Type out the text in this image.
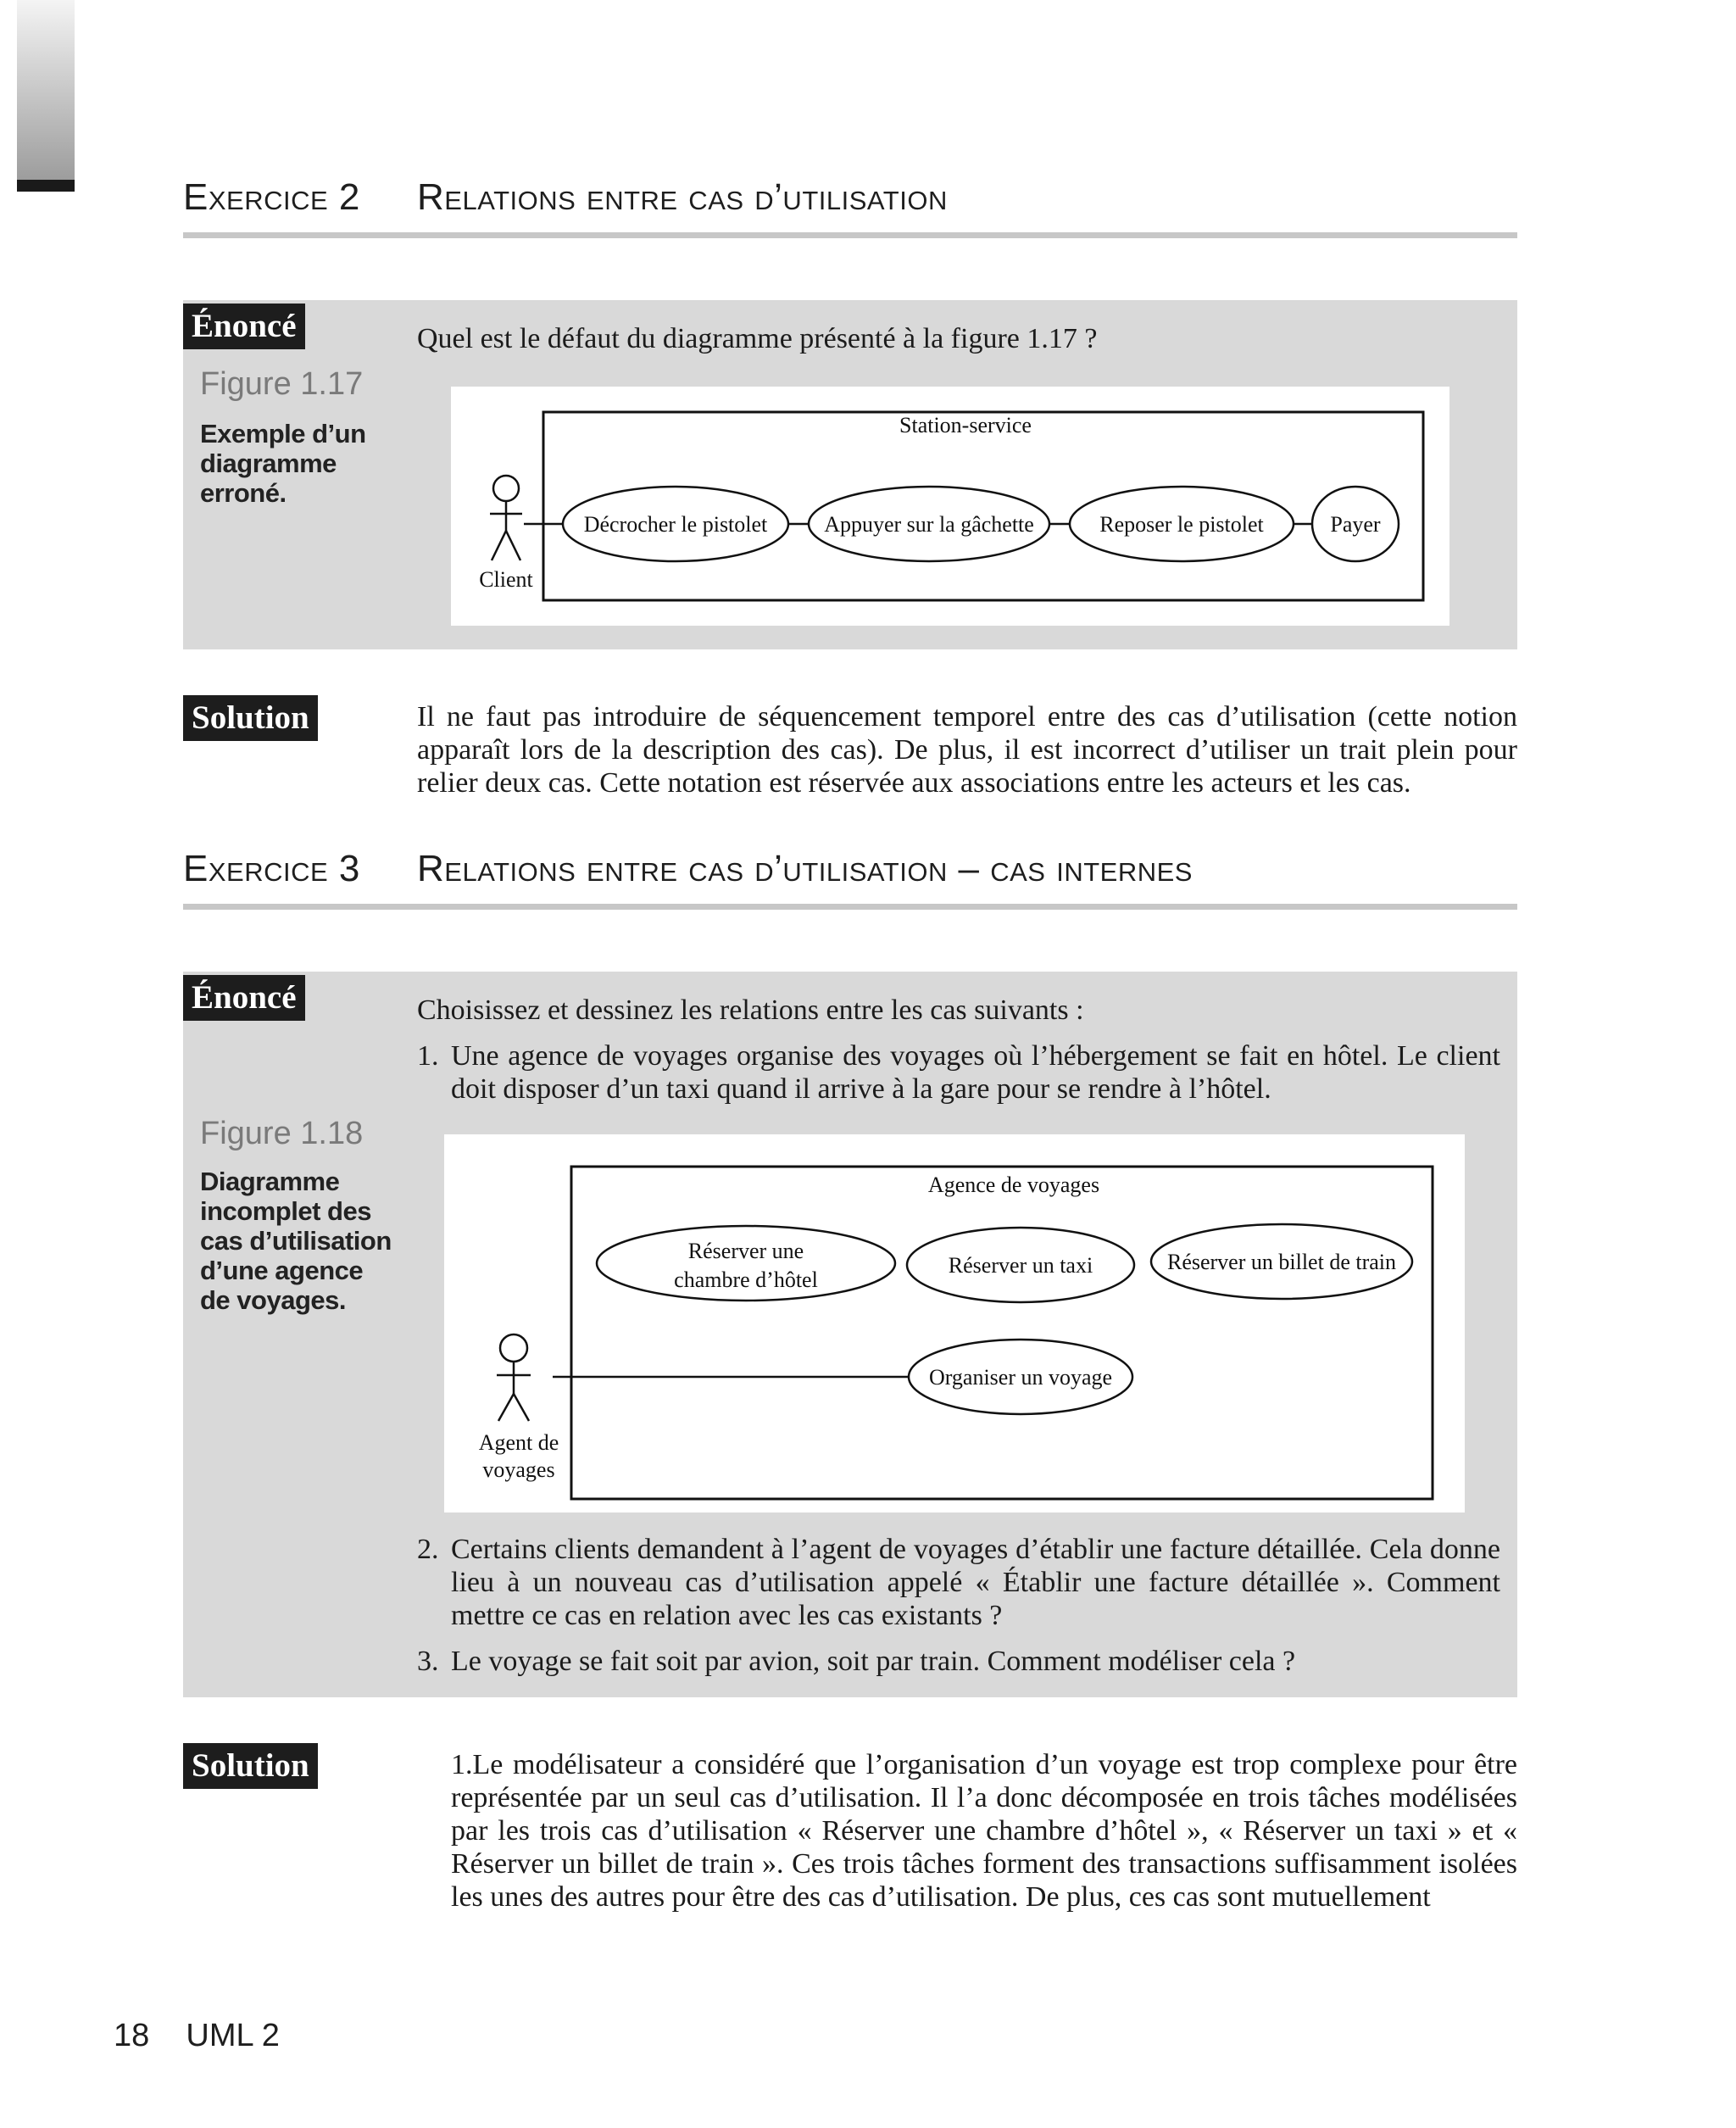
Exercice 2 Relations entre cas d’utilisation
Énoncé
Figure 1.17
Exemple d’un diagramme erroné.
Quel est le défaut du diagramme présenté à la figure 1.17 ?
Station-service
Client
Décrocher le pistolet	Appuyer sur la gâchette	Reposer le pistolet	Payer
Solution	Il ne faut pas introduire de séquencement temporel entre des cas d’utilisation (cette notion apparaît lors de la description des cas). De plus, il est incorrect d’utiliser un trait plein pour relier deux cas. Cette notation est réservée aux associations entre les acteurs et les cas.
Exercice 3 Relations entre cas d’utilisation – cas internes
Énoncé
Figure 1.18
Diagramme incomplet des cas d’utilisation d’une agence de voyages.
Choisissez et dessinez les relations entre les cas suivants :
1. Une agence de voyages organise des voyages où l’hébergement se fait en hôtel. Le client doit disposer d’un taxi quand il arrive à la gare pour se rendre à l’hôtel.
Agence de voyages
Agent de
voyages
Réserver une
chambre d’hôtel
Réserver un taxi	Réserver un billet de train
Organiser un voyage
2. Certains clients demandent à l’agent de voyages d’établir une facture détaillée. Cela donne lieu à un nouveau cas d’utilisation appelé « Établir une facture détaillée ». Comment mettre ce cas en relation avec les cas existants ?
3. Le voyage se fait soit par avion, soit par train. Comment modéliser cela ?
Solution	1.Le modélisateur a considéré que l’organisation d’un voyage est trop complexe pour être représentée par un seul cas d’utilisation. Il l’a donc décomposée en trois tâches modélisées par les trois cas d’utilisation « Réserver une chambre d’hôtel », « Réserver un taxi » et « Réserver un billet de train ». Ces trois tâches forment des transactions suffisamment isolées les unes des autres pour être des cas d’utilisation. De plus, ces cas sont mutuellement
18 UML 2
